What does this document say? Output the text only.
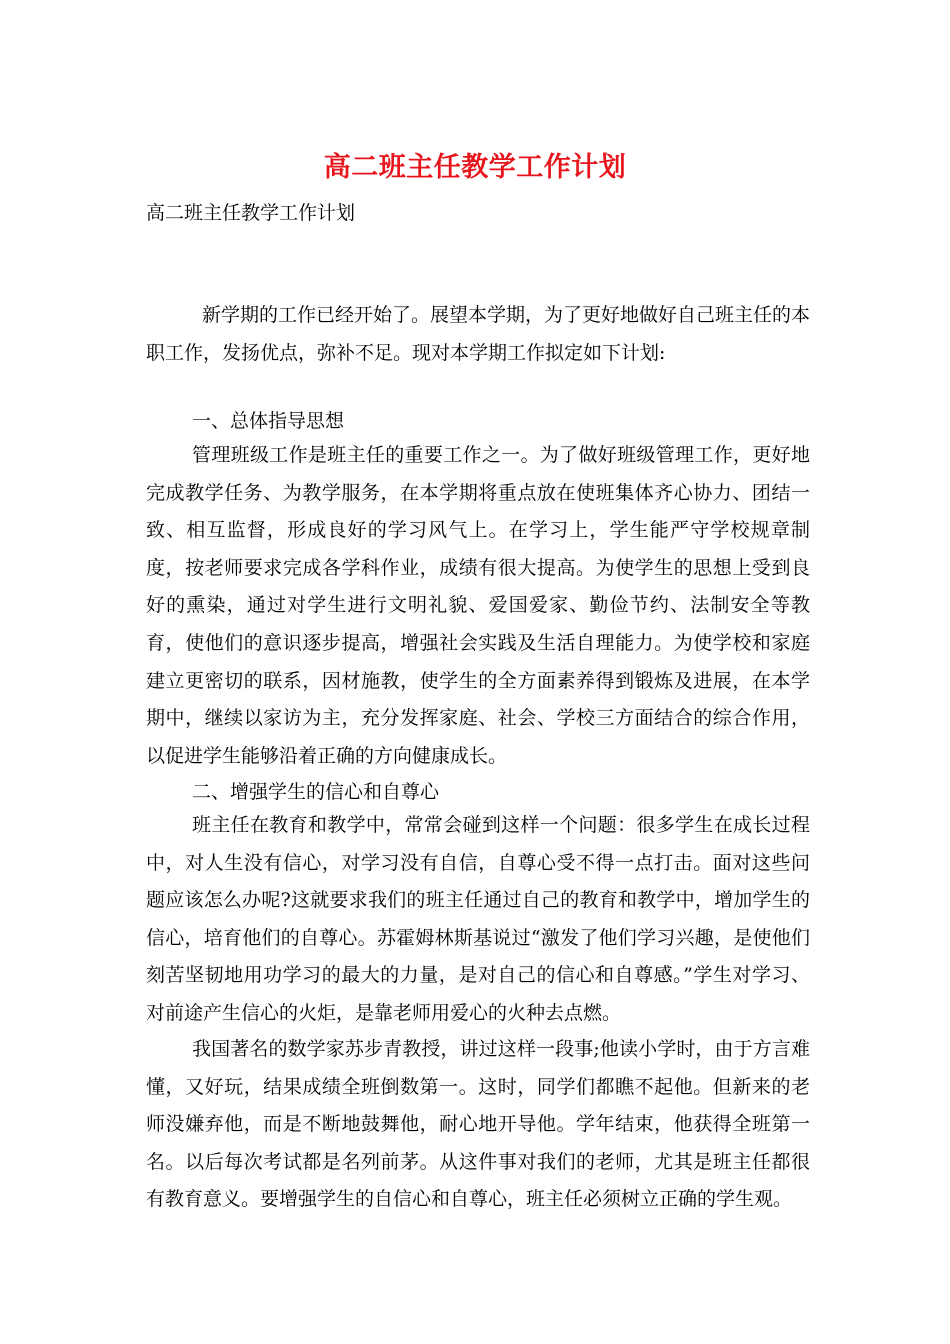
高二班主任教学工作计划
高二班主任教学工作计划

新学期的工作已经开始了。展望本学期，为了更好地做好自己班主任的本职工作，发扬优点，弥补不足。现对本学期工作拟定如下计划:

一、总体指导思想

管理班级工作是班主任的重要工作之一。为了做好班级管理工作，更好地完成教学任务、为教学服务，在本学期将重点放在使班集体齐心协力、团结一致、相互监督，形成良好的学习风气上。在学习上，学生能严守学校规章制度，按老师要求完成各学科作业，成绩有很大提高。为使学生的思想上受到良好的熏染，通过对学生进行文明礼貌、爱国爱家、勤俭节约、法制安全等教育，使他们的意识逐步提高，增强社会实践及生活自理能力。为使学校和家庭建立更密切的联系，因材施教，使学生的全方面素养得到锻炼及进展，在本学期中，继续以家访为主，充分发挥家庭、社会、学校三方面结合的综合作用，以促进学生能够沿着正确的方向健康成长。

二、增强学生的信心和自尊心

班主任在教育和教学中，常常会碰到这样一个问题：很多学生在成长过程中，对人生没有信心，对学习没有自信，自尊心受不得一点打击。面对这些问题应该怎么办呢?这就要求我们的班主任通过自己的教育和教学中，增加学生的信心，培育他们的自尊心。苏霍姆林斯基说过“激发了他们学习兴趣，是使他们刻苦坚韧地用功学习的最大的力量，是对自己的信心和自尊感。”学生对学习、对前途产生信心的火炬，是靠老师用爱心的火种去点燃。

我国著名的数学家苏步青教授，讲过这样一段事;他读小学时，由于方言难懂，又好玩，结果成绩全班倒数第一。这时，同学们都瞧不起他。但新来的老师没嫌弃他，而是不断地鼓舞他，耐心地开导他。学年结束，他获得全班第一名。以后每次考试都是名列前茅。从这件事对我们的老师，尤其是班主任都很有教育意义。要增强学生的自信心和自尊心，班主任必须树立正确的学生观。
